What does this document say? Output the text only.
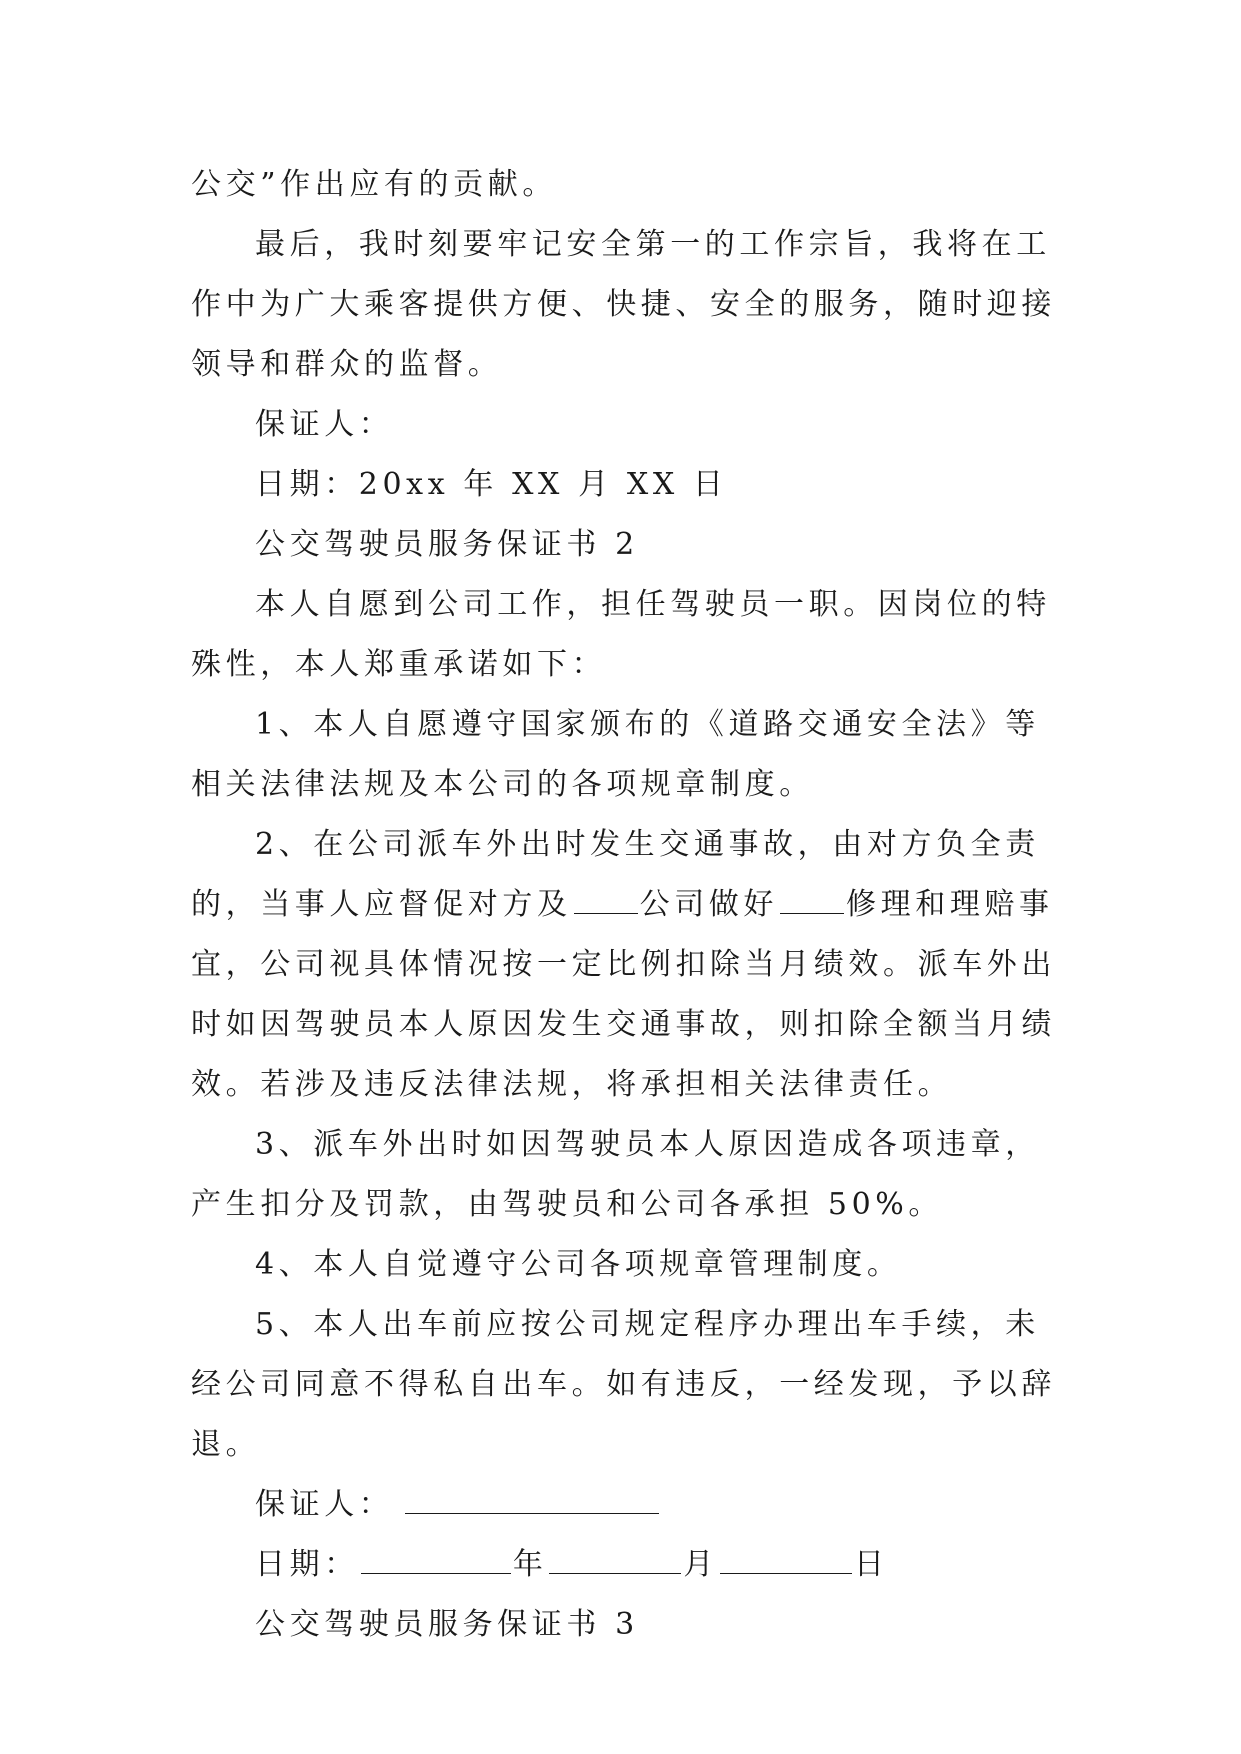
公交”作出应有的贡献。

最后，我时刻要牢记安全第一的工作宗旨，我将在工作中为广大乘客提供方便、快捷、安全的服务，随时迎接领导和群众的监督。

保证人：

日期：20xx 年 XX 月 XX 日

公交驾驶员服务保证书 2

本人自愿到公司工作，担任驾驶员一职。因岗位的特殊性，本人郑重承诺如下：

1、本人自愿遵守国家颁布的《道路交通安全法》等相关法律法规及本公司的各项规章制度。

2、在公司派车外出时发生交通事故，由对方负全责的，当事人应督促对方及 公司做好 修理和理赔事宜，公司视具体情况按一定比例扣除当月绩效。派车外出时如因驾驶员本人原因发生交通事故，则扣除全额当月绩效。若涉及违反法律法规，将承担相关法律责任。

3、派车外出时如因驾驶员本人原因造成各项违章，产生扣分及罚款，由驾驶员和公司各承担 50%。

4、本人自觉遵守公司各项规章管理制度。

5、本人出车前应按公司规定程序办理出车手续，未经公司同意不得私自出车。如有违反，一经发现，予以辞退。

保证人：

日期：	年	月	日

公交驾驶员服务保证书 3
